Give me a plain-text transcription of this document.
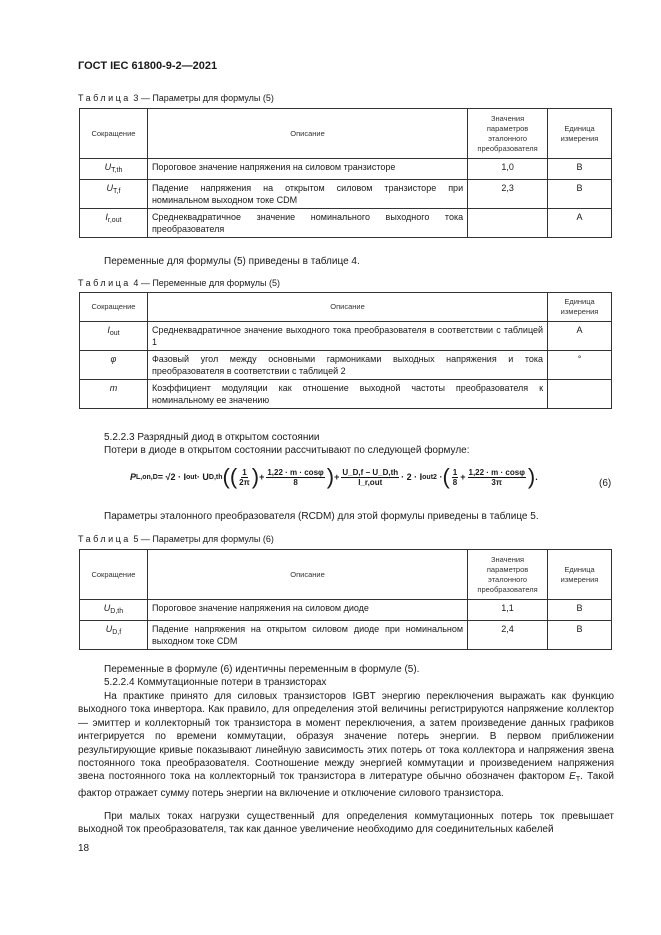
ГОСТ IEC 61800-9-2—2021
Таблица 3 — Параметры для формулы (5)
Сокращение	Описание	Значения параметров эталонного преобразователя	Единица измерения
$U_{T,th}$	Пороговое значение напряжения на силовом транзисторе	1,0	В
$U_{T,f}$	Падение напряжения на открытом силовом транзисторе при номинальном выходном токе CDM	2,3	В
$I_{r,out}$	Среднеквадратичное значение номинального выходного тока преобразователя		А
Переменные для формулы (5) приведены в таблице 4.
Таблица 4 — Переменные для формулы (5)
Сокращение	Описание	Единица измерения
$I_{out}$	Среднеквадратичное значение выходного тока преобразователя в соответствии с таблицей 1	А
φ	Фазовый угол между основными гармониками выходных напряжения и тока преобразователя в соответствии с таблицей 2	°
m	Коэффициент модуляции как отношение выходной частоты преобразователя к номинальному ее значению	
5.2.2.3 Разрядный диод в открытом состоянии
Потери в диоде в открытом состоянии рассчитывают по следующей формуле:
P L,on,D = √2 · I out · U D,th (( $\frac{1}{2\pi}$ ) + $\frac{1,22 \cdot m \cdot \cos\varphi}{8}$ ) + $\frac{U\_D,f - U\_D,th}{\text{I\_r,out}} \cdot 2 \cdot I$ out 2 · ( $\frac{1}{8} + \frac{1,22 \cdot m \cdot \cos\varphi}{3\pi}$ ) .
(6)
Параметры эталонного преобразователя (RCDM) для этой формулы приведены в таблице 5.
Таблица 5 — Параметры для формулы (6)
Сокращение	Описание	Значения параметров эталонного преобразователя	Единица измерения
$U_{D,th}$	Пороговое значение напряжения на силовом диоде	1,1	В
$U_{D,f}$	Падение напряжения на открытом силовом диоде при номинальном выходном токе CDM	2,4	В
Переменные в формуле (6) идентичны переменным в формуле (5).
5.2.2.4 Коммутационные потери в транзисторах
На практике принято для силовых транзисторов IGBT энергию переключения выражать как функцию выходного тока инвертора. Как правило, для определения этой величины регистрируются напряжение коллектор — эмиттер и коллекторный ток транзистора в момент переключения, а затем произведение данных графиков интегрируется по времени коммутации, образуя значение потерь энергии. В первом приближении результирующие кривые показывают линейную зависимость этих потерь от тока коллектора и напряжения звена постоянного тока преобразователя. Соотношение между энергией коммутации и произведением напряжения звена постоянного тока на коллекторный ток транзистора в литературе обычно обозначен фактором $E_T$. Такой фактор отражает сумму потерь энергии на включение и отключение силового транзистора.
При малых токах нагрузки существенный для определения коммутационных потерь ток превышает выходной ток преобразователя, так как данное увеличение необходимо для соединительных кабелей
18
